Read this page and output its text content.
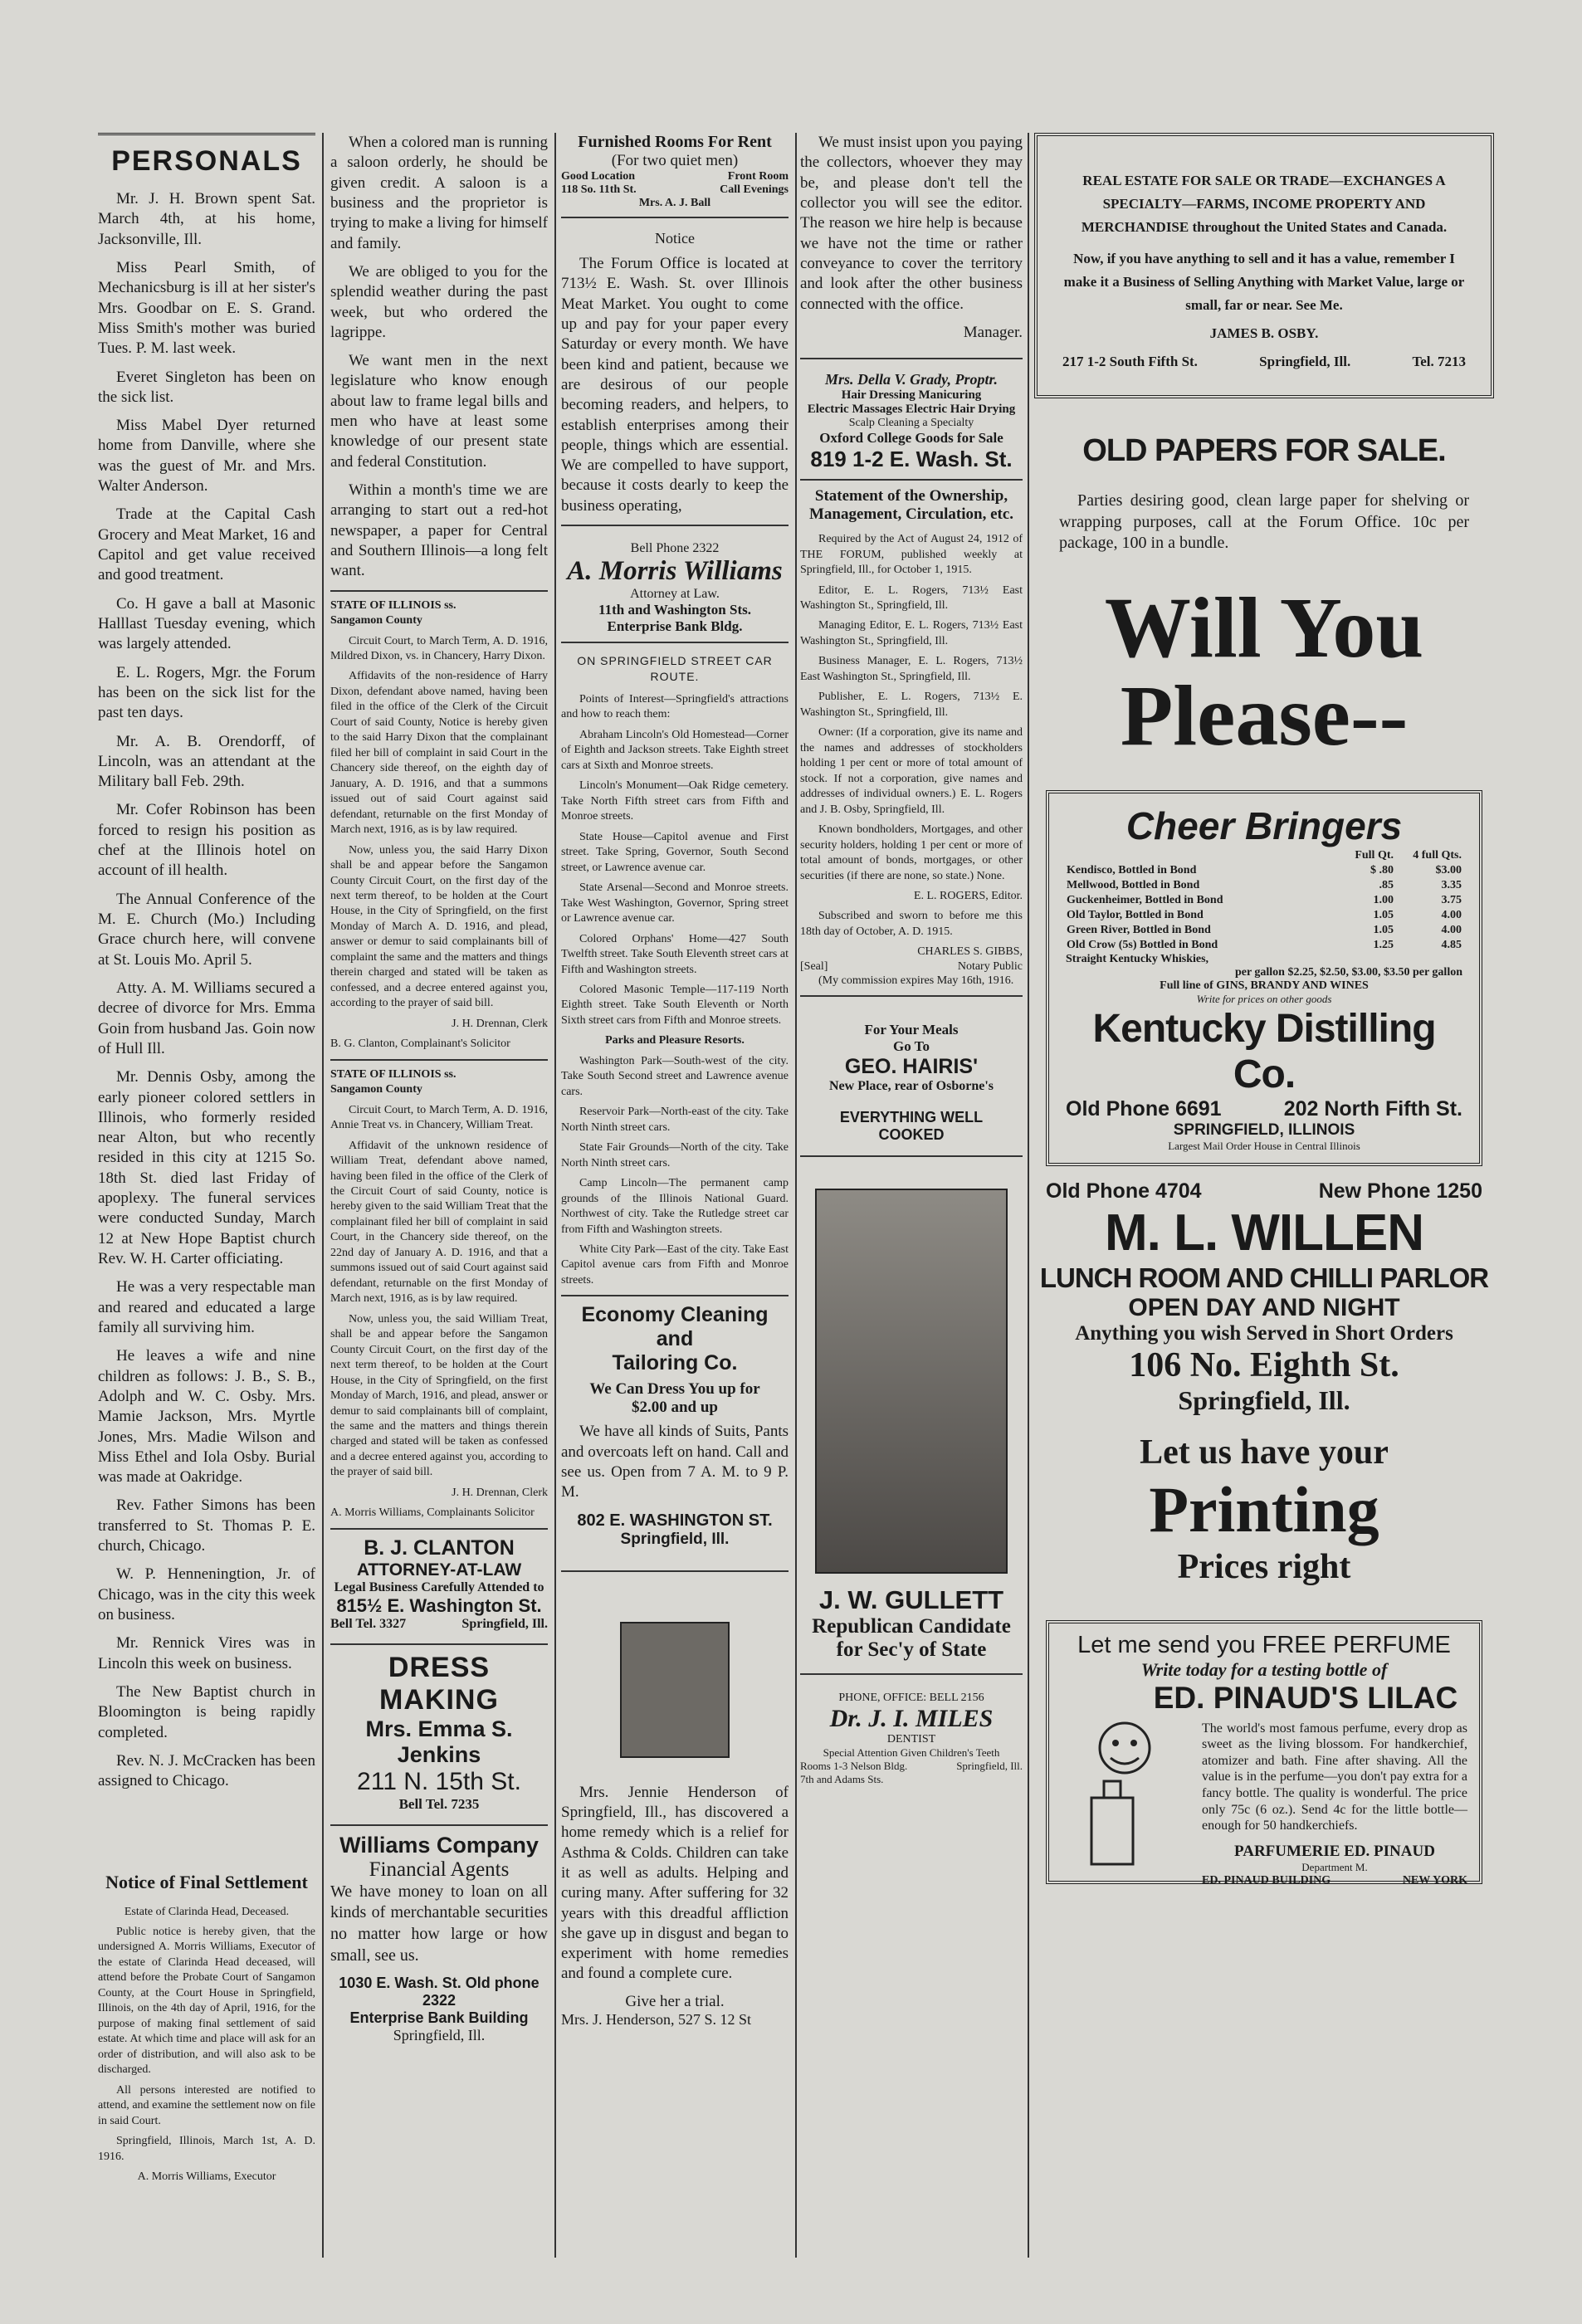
PERSONALS

Mr. J. H. Brown spent Sat. March 4th, at his home, Jacksonville, Ill.

Miss Pearl Smith, of Mechanicsburg is ill at her sister's Mrs. Goodbar on E. S. Grand. Miss Smith's mother was buried Tues. P. M. last week.

Everet Singleton has been on the sick list.

Miss Mabel Dyer returned home from Danville, where she was the guest of Mr. and Mrs. Walter Anderson.

Trade at the Capital Cash Grocery and Meat Market, 16 and Capitol and get value received and good treatment.

Co. H gave a ball at Masonic Halllast Tuesday evening, which was largely attended.

E. L. Rogers, Mgr. the Forum has been on the sick list for the past ten days.

Mr. A. B. Orendorff, of Lincoln, was an attendant at the Military ball Feb. 29th.

Mr. Cofer Robinson has been forced to resign his position as chef at the Illinois hotel on account of ill health.

The Annual Conference of the M. E. Church (Mo.) Including Grace church here, will convene at St. Louis Mo. April 5.

Atty. A. M. Williams secured a decree of divorce for Mrs. Emma Goin from husband Jas. Goin now of Hull Ill.

Mr. Dennis Osby, among the early pioneer colored settlers in Illinois, who formerly resided near Alton, but who recently resided in this city at 1215 So. 18th St. died last Friday of apoplexy. The funeral services were conducted Sunday, March 12 at New Hope Baptist church Rev. W. H. Carter officiating.

He was a very respectable man and reared and educated a large family all surviving him.

He leaves a wife and nine children as follows: J. B., S. B., Adolph and W. C. Osby. Mrs. Mamie Jackson, Mrs. Myrtle Jones, Mrs. Madie Wilson and Miss Ethel and Iola Osby. Burial was made at Oakridge.

Rev. Father Simons has been transferred to St. Thomas P. E. church, Chicago.

W. P. Henneningtion, Jr. of Chicago, was in the city this week on business.

Mr. Rennick Vires was in Lincoln this week on business.

The New Baptist church in Bloomington is being rapidly completed.

Rev. N. J. McCracken has been assigned to Chicago.

Notice of Final Settlement

Estate of Clarinda Head, Deceased.

Public notice is hereby given, that the undersigned A. Morris Williams, Executor of the estate of Clarinda Head deceased, will attend before the Probate Court of Sangamon County, at the Court House in Springfield, Illinois, on the 4th day of April, 1916, for the purpose of making final settlement of said estate. At which time and place will ask for an order of distribution, and will also ask to be discharged.

All persons interested are notified to attend, and examine the settlement now on file in said Court.

Springfield, Illinois, March 1st, A. D. 1916.

A. Morris Williams, Executor

When a colored man is running a saloon orderly, he should be given credit. A saloon is a business and the proprietor is trying to make a living for himself and family.

We are obliged to you for the splendid weather during the past week, but who ordered the lagrippe.

We want men in the next legislature who know enough about law to frame legal bills and men who have at least some knowledge of our present state and federal Constitution.

Within a month's time we are arranging to start out a red-hot newspaper, a paper for Central and Southern Illinois—a long felt want.

STATE OF ILLINOIS ss.

Sangamon County

Circuit Court, to March Term, A. D. 1916, Mildred Dixon, vs. in Chancery, Harry Dixon.

Affidavits of the non-residence of Harry Dixon, defendant above named, having been filed in the office of the Clerk of the Circuit Court of said County, Notice is hereby given to the said Harry Dixon that the complainant filed her bill of complaint in said Court in the Chancery side thereof, on the eighth day of January, A. D. 1916, and that a summons issued out of said Court against said defendant, returnable on the first Monday of March next, 1916, as is by law required.

Now, unless you, the said Harry Dixon shall be and appear before the Sangamon County Circuit Court, on the first day of the next term thereof, to be holden at the Court House, in the City of Springfield, on the first Monday of March A. D. 1916, and plead, answer or demur to said complainants bill of complaint the same and the matters and things therein charged and stated will be taken as confessed, and a decree entered against you, according to the prayer of said bill.

J. H. Drennan, Clerk

B. G. Clanton, Complainant's Solicitor

STATE OF ILLINOIS ss.

Sangamon County

Circuit Court, to March Term, A. D. 1916, Annie Treat vs. in Chancery, William Treat.

Affidavit of the unknown residence of William Treat, defendant above named, having been filed in the office of the Clerk of the Circuit Court of said County, notice is hereby given to the said William Treat that the complainant filed her bill of complaint in said Court, in the Chancery side thereof, on the 22nd day of January A. D. 1916, and that a summons issued out of said Court against said defendant, returnable on the first Monday of March next, 1916, as is by law required.

Now, unless you, the said William Treat, shall be and appear before the Sangamon County Circuit Court, on the first day of the next term thereof, to be holden at the Court House, in the City of Springfield, on the first Monday of March, 1916, and plead, answer or demur to said complainants bill of complaint, the same and the matters and things therein charged and stated will be taken as confessed and a decree entered against you, according to the prayer of said bill.

J. H. Drennan, Clerk

A. Morris Williams, Complainants Solicitor

B. J. CLANTON
ATTORNEY-AT-LAW
Legal Business Carefully Attended to
815½ E. Washington St.
Bell Tel. 3327	Springfield, Ill.
DRESS MAKING
Mrs. Emma S. Jenkins
211 N. 15th St.
Bell Tel. 7235
Williams Company
Financial Agents

We have money to loan on all kinds of merchantable securities no matter how large or how small, see us.

1030 E. Wash. St. Old phone 2322
Enterprise Bank Building
Springfield, Ill.
Furnished Rooms For Rent
(For two quiet men)
Good Location	Front Room
118 So. 11th St.	Call Evenings
Mrs. A. J. Ball
Notice

The Forum Office is located at 713½ E. Wash. St. over Illinois Meat Market. You ought to come up and pay for your paper every Saturday or every month. We have been kind and patient, because we are desirous of our people becoming readers, and helpers, to establish enterprises among their people, things which are essential. We are compelled to have support, because it costs dearly to keep the business operating,

Bell Phone 2322
A. Morris Williams
Attorney at Law.
11th and Washington Sts.
Enterprise Bank Bldg.

ON SPRINGFIELD STREET CAR ROUTE.

Points of Interest—Springfield's attractions and how to reach them:

Abraham Lincoln's Old Homestead—Corner of Eighth and Jackson streets. Take Eighth street cars at Sixth and Monroe streets.

Lincoln's Monument—Oak Ridge cemetery. Take North Fifth street cars from Fifth and Monroe streets.

State House—Capitol avenue and First street. Take Spring, Governor, South Second street, or Lawrence avenue car.

State Arsenal—Second and Monroe streets. Take West Washington, Governor, Spring street or Lawrence avenue car.

Colored Orphans' Home—427 South Twelfth street. Take South Eleventh street cars at Fifth and Washington streets.

Colored Masonic Temple—117-119 North Eighth street. Take South Eleventh or North Sixth street cars from Fifth and Monroe streets.

Parks and Pleasure Resorts.

Washington Park—South-west of the city. Take South Second street and Lawrence avenue cars.

Reservoir Park—North-east of the city. Take North Ninth street cars.

State Fair Grounds—North of the city. Take North Ninth street cars.

Camp Lincoln—The permanent camp grounds of the Illinois National Guard. Northwest of city. Take the Rutledge street car from Fifth and Washington streets.

White City Park—East of the city. Take East Capitol avenue cars from Fifth and Monroe streets.

Economy Cleaning and
Tailoring Co.
We Can Dress You up for $2.00 and up

We have all kinds of Suits, Pants and overcoats left on hand. Call and see us. Open from 7 A. M. to 9 P. M.

802 E. WASHINGTON ST.
Springfield, Ill.

Mrs. Jennie Henderson of Springfield, Ill., has discovered a home remedy which is a relief for Asthma & Colds. Children can take it as well as adults. Helping and curing many. After suffering for 32 years with this dreadful affliction she gave up in disgust and began to experiment with home remedies and found a complete cure.

Give her a trial.
Mrs. J. Henderson, 527 S. 12 St

We must insist upon you paying the collectors, whoever they may be, and please don't tell the collector you will see the editor. The reason we hire help is because we have not the time or rather conveyance to cover the territory and look after the other business connected with the office.

Manager.

Mrs. Della V. Grady, Proptr.
Hair Dressing Manicuring
Electric Massages Electric Hair Drying
Scalp Cleaning a Specialty
Oxford College Goods for Sale
819 1-2 E. Wash. St.
Statement of the Ownership, Management, Circulation, etc.

Required by the Act of August 24, 1912 of THE FORUM, published weekly at Springfield, Ill., for October 1, 1915.

Editor, E. L. Rogers, 713½ East Washington St., Springfield, Ill.

Managing Editor, E. L. Rogers, 713½ East Washington St., Springfield, Ill.

Business Manager, E. L. Rogers, 713½ East Washington St., Springfield, Ill.

Publisher, E. L. Rogers, 713½ E. Washington St., Springfield, Ill.

Owner: (If a corporation, give its name and the names and addresses of stockholders holding 1 per cent or more of total amount of stock. If not a corporation, give names and addresses of individual owners.) E. L. Rogers and J. B. Osby, Springfield, Ill.

Known bondholders, Mortgages, and other security holders, holding 1 per cent or more of total amount of bonds, mortgages, or other securities (if there are none, so state.) None.

E. L. ROGERS, Editor.

Subscribed and sworn to before me this 18th day of October, A. D. 1915.

CHARLES S. GIBBS,

[Seal]	Notary Public

(My commission expires May 16th, 1916.

For Your Meals
Go To
GEO. HAIRIS'
New Place, rear of Osborne's
EVERYTHING WELL
COOKED
J. W. GULLETT
Republican Candidate
for Sec'y of State
PHONE, OFFICE: BELL 2156
Dr. J. I. MILES
DENTIST
Special Attention Given Children's Teeth
Rooms 1-3 Nelson Bldg.	Springfield, Ill.
7th and Adams Sts.

REAL ESTATE FOR SALE OR TRADE—EXCHANGES A SPECIALTY—FARMS, INCOME PROPERTY AND MERCHANDISE throughout the United States and Canada.

Now, if you have anything to sell and it has a value, remember I make it a Business of Selling Anything with Market Value, large or small, far or near. See Me.

JAMES B. OSBY.
217 1-2 South Fifth St.	Springfield, Ill.	Tel. 7213
OLD PAPERS FOR SALE.

Parties desiring good, clean large paper for shelving or wrapping purposes, call at the Forum Office. 10c per package, 100 in a bundle.

Will You
Please--
Cheer Bringers
	Full Qt.	4 full Qts.
Kendisco, Bottled in Bond	$ .80	$3.00
Mellwood, Bottled in Bond	.85	3.35
Guckenheimer, Bottled in Bond	1.00	3.75
Old Taylor, Bottled in Bond	1.05	4.00
Green River, Bottled in Bond	1.05	4.00
Old Crow (5s) Bottled in Bond	1.25	4.85
Straight Kentucky Whiskies,
per gallon $2.25, $2.50, $3.00, $3.50 per gallon
Full line of GINS, BRANDY AND WINES
Write for prices on other goods
Kentucky Distilling Co.
Old Phone 6691	202 North Fifth St.
SPRINGFIELD, ILLINOIS
Largest Mail Order House in Central Illinois
Old Phone 4704	New Phone 1250
M. L. WILLEN
LUNCH ROOM AND CHILLI PARLOR
OPEN DAY AND NIGHT
Anything you wish Served in Short Orders
106 No. Eighth St.
Springfield, Ill.
Let us have your
Printing
Prices right
Let me send you FREE PERFUME
Write today for a testing bottle of
ED. PINAUD'S LILAC

The world's most famous perfume, every drop as sweet as the living blossom. For handkerchief, atomizer and bath. Fine after shaving. All the value is in the perfume—you don't pay extra for a fancy bottle. The quality is wonderful. The price only 75c (6 oz.). Send 4c for the little bottle—enough for 50 handkerchiefs.

PARFUMERIE ED. PINAUD
Department M.
ED. PINAUD BUILDING	NEW YORK
